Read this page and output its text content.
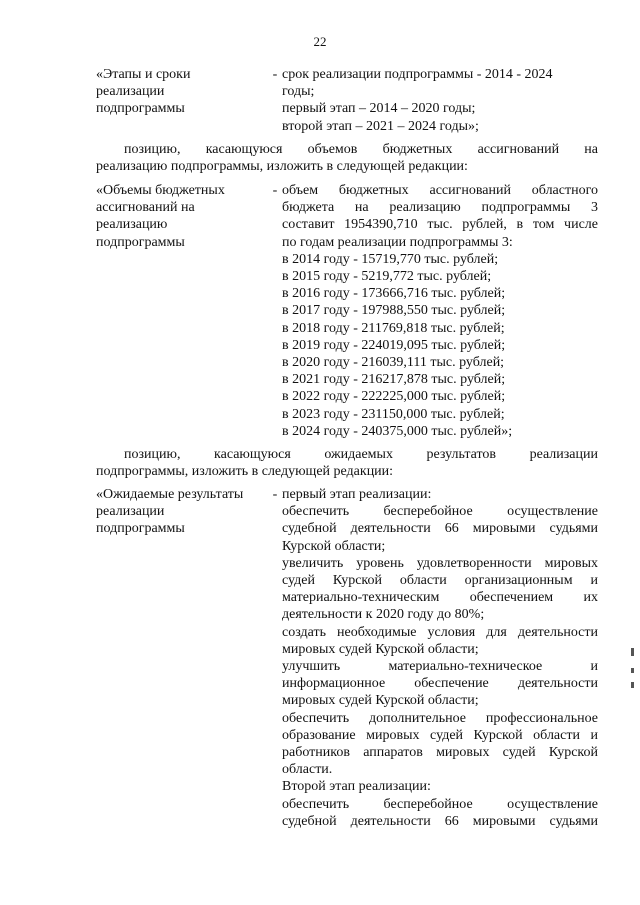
22
«Этапы и сроки
реализации
подпрограммы
- срок реализации подпрограммы - 2014 - 2024
годы;
первый этап – 2014 – 2020 годы;
второй этап – 2021 – 2024 годы»;
позицию, касающуюся объемов бюджетных ассигнований на
реализацию подпрограммы, изложить в следующей редакции:
«Объемы бюджетных
ассигнований на
реализацию
подпрограммы
- объем бюджетных ассигнований областного
бюджета на реализацию подпрограммы 3
составит 1954390,710 тыс. рублей, в том числе
по годам реализации подпрограммы 3:
в 2014 году - 15719,770 тыс. рублей;
в 2015 году - 5219,772 тыс. рублей;
в 2016 году - 173666,716 тыс. рублей;
в 2017 году - 197988,550 тыс. рублей;
в 2018 году - 211769,818 тыс. рублей;
в 2019 году - 224019,095 тыс. рублей;
в 2020 году - 216039,111 тыс. рублей;
в 2021 году - 216217,878 тыс. рублей;
в 2022 году - 222225,000 тыс. рублей;
в 2023 году - 231150,000 тыс. рублей;
в 2024 году - 240375,000 тыс. рублей»;
позицию, касающуюся ожидаемых результатов реализации
подпрограммы, изложить в следующей редакции:
«Ожидаемые результаты
реализации
подпрограммы
- первый этап реализации:
обеспечить бесперебойное осуществление
судебной деятельности 66 мировыми судьями
Курской области;
увеличить уровень удовлетворенности мировых
судей Курской области организационным и
материально-техническим обеспечением их
деятельности к 2020 году до 80%;
создать необходимые условия для деятельности
мировых судей Курской области;
улучшить материально-техническое и
информационное обеспечение деятельности
мировых судей Курской области;
обеспечить дополнительное профессиональное
образование мировых судей Курской области и
работников аппаратов мировых судей Курской
области.
Второй этап реализации:
обеспечить бесперебойное осуществление
судебной деятельности 66 мировыми судьями
